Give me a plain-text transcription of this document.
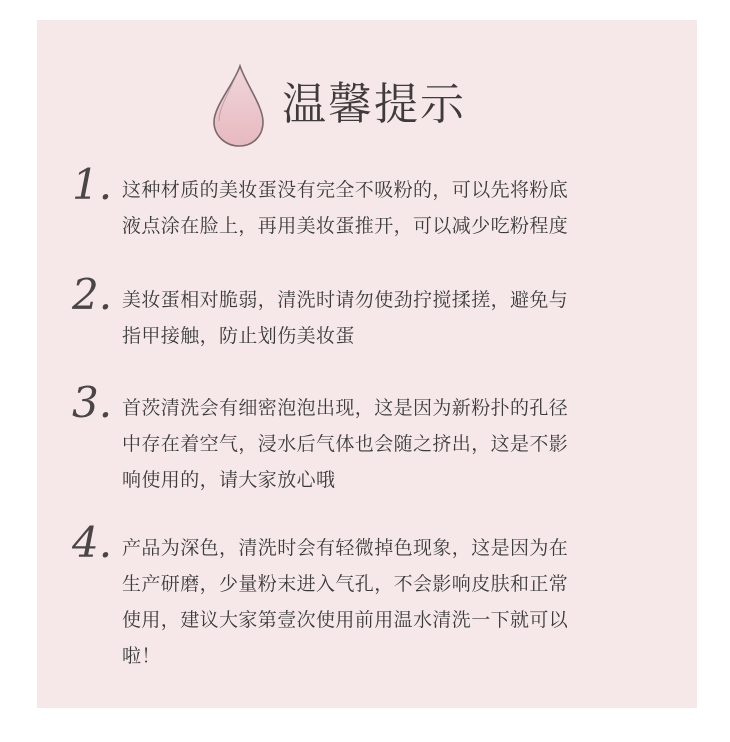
温馨提示
1. 这种材质的美妆蛋没有完全不吸粉的，可以先将粉底
液点涂在脸上，再用美妆蛋推开，可以减少吃粉程度
2. 美妆蛋相对脆弱，清洗时请勿使劲拧搅揉搓，避免与
指甲接触，防止划伤美妆蛋
3. 首茨清洗会有细密泡泡出现，这是因为新粉扑的孔径
中存在着空气，浸水后气体也会随之挤出，这是不影
响使用的，请大家放心哦
4. 产品为深色，清洗时会有轻微掉色现象，这是因为在
生产研磨，少量粉末进入气孔，不会影响皮肤和正常
使用，建议大家第壹次使用前用温水清洗一下就可以
啦！
